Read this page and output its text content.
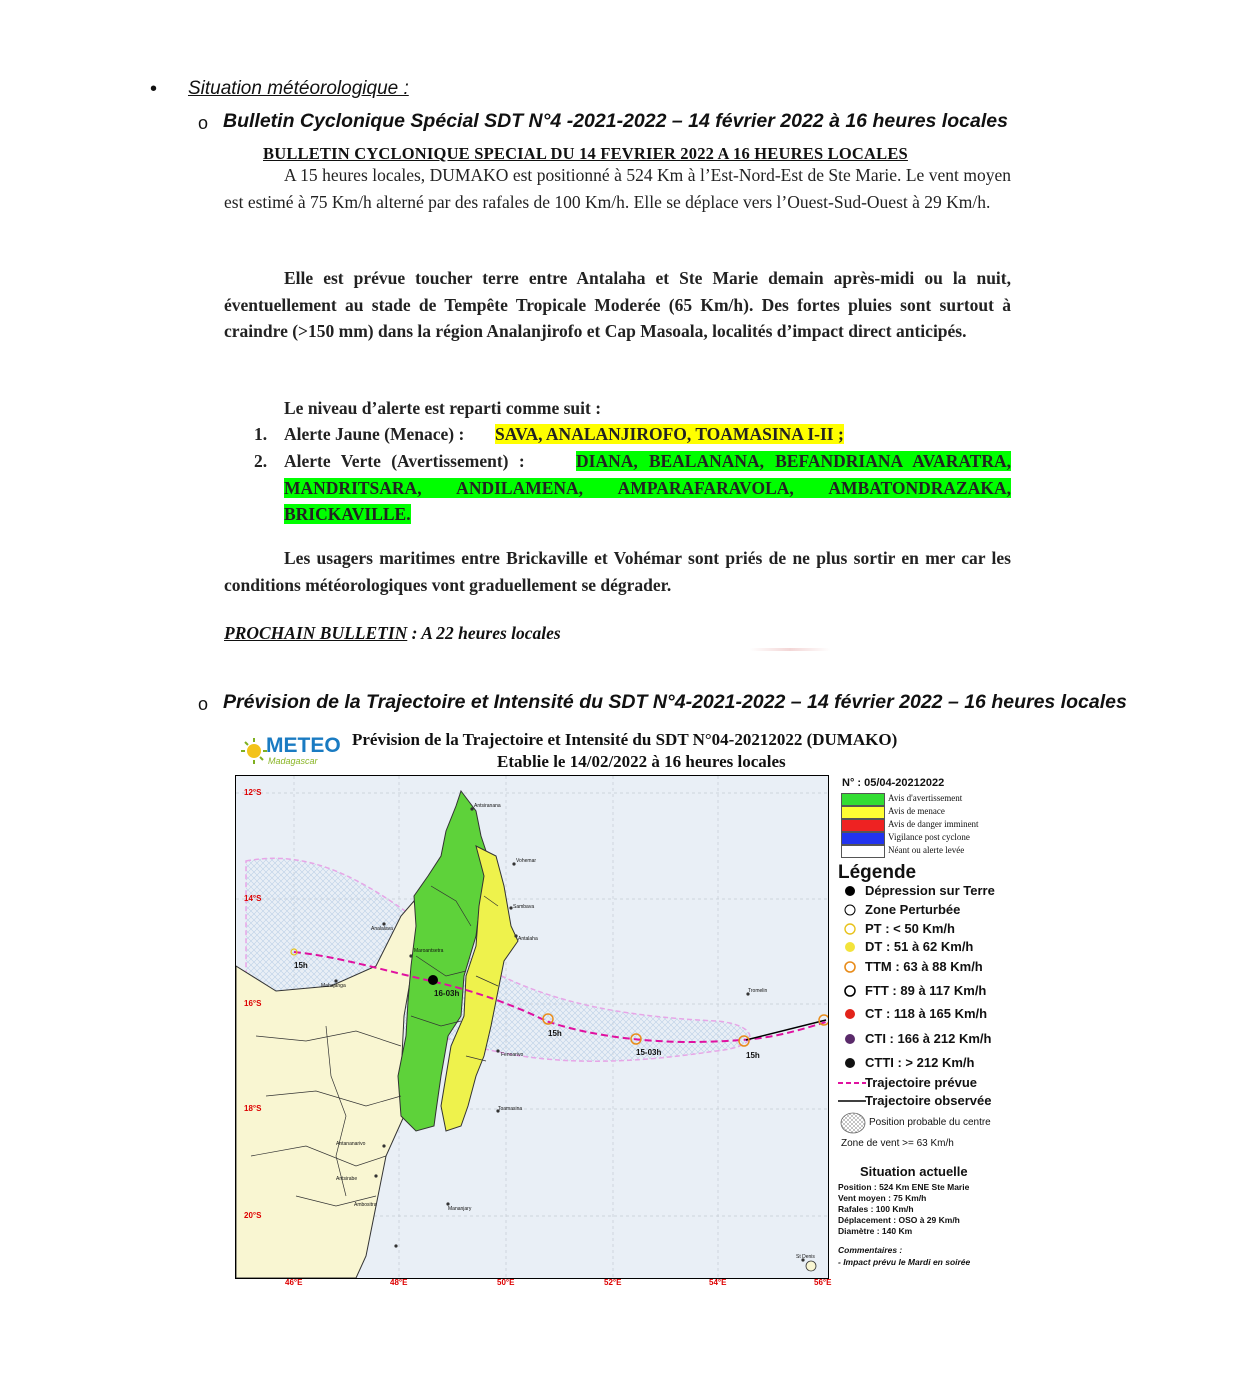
• Situation météorologique :
o Bulletin Cyclonique Spécial SDT N°4 -2021-2022 – 14 février 2022 à 16 heures locales
BULLETIN CYCLONIQUE SPECIAL DU 14 FEVRIER 2022 A 16 HEURES LOCALES
A 15 heures locales, DUMAKO est positionné à 524 Km à l’Est-Nord-Est de Ste Marie. Le vent moyen est estimé à 75 Km/h alterné par des rafales de 100 Km/h. Elle se déplace vers l’Ouest-Sud-Ouest à 29 Km/h.
Elle est prévue toucher terre entre Antalaha et Ste Marie demain après-midi ou la nuit, éventuellement au stade de Tempête Tropicale Moderée (65 Km/h). Des fortes pluies sont surtout à craindre (>150 mm) dans la région Analanjirofo et Cap Masoala, localités d’impact direct anticipés.
Le niveau d’alerte est reparti comme suit :
1. Alerte Jaune (Menace) : SAVA, ANALANJIROFO, TOAMASINA I-II ;
2. Alerte Verte (Avertissement) :	DIANA, BEALANANA, BEFANDRIANA AVARATRA, MANDRITSARA, ANDILAMENA, AMPARAFARAVOLA, AMBATONDRAZAKA, BRICKAVILLE.
Les usagers maritimes entre Brickaville et Vohémar sont priés de ne plus sortir en mer car les conditions météorologiques vont graduellement se dégrader.
PROCHAIN BULLETIN : A 22 heures locales
o Prévision de la Trajectoire et Intensité du SDT N°4-2021-2022 – 14 février 2022 – 16 heures locales
METEO
Madagascar
Prévision de la Trajectoire et Intensité du SDT N°04-20212022 (DUMAKO)
Etablie le 14/02/2022 à 16 heures locales
12°S
14°S
16°S
18°S
20°S
15h
16-03h
15h
15-03h	15h
Antsiranana
Vohemar
Sambava
Antalaha
Analalava
Mahajanga
Maroantsetra
Tromelin
Toamasina
Fenoarivo
Antananarivo
Antsirabe
Mananjary
Ambositra
St Denis
46°E	48°E	50°E	52°E	54°E	56°E
N° : 05/04-20212022
Avis d'avertissement
Avis de menace
Avis de danger imminent
Vigilance post cyclone
Néant ou alerte levée
Légende
Dépression sur Terre
Zone Perturbée
PT : < 50 Km/h
DT : 51 à 62 Km/h
TTM : 63 à 88 Km/h
FTT : 89 à 117 Km/h
CT : 118 à 165 Km/h
CTI : 166 à 212 Km/h
CTTI : > 212 Km/h
Trajectoire prévue
Trajectoire observée
Position probable du centre
Zone de vent >= 63 Km/h
Situation actuelle
Position : 524 Km ENE Ste Marie
Vent moyen : 75 Km/h
Rafales : 100 Km/h
Déplacement : OSO à 29 Km/h
Diamètre : 140 Km
Commentaires :
- Impact prévu le Mardi en soirée
